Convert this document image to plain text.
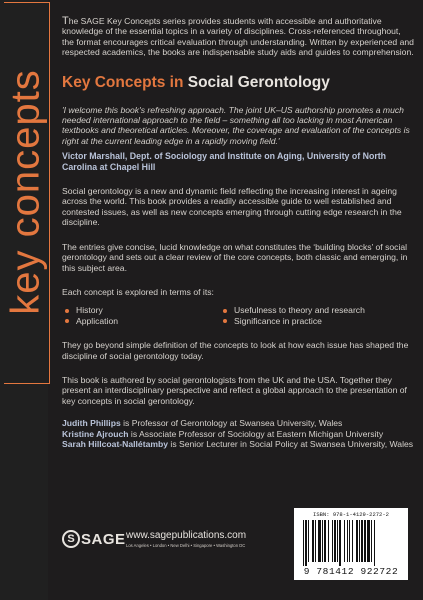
key concepts

The SAGE Key Concepts series provides students with accessible and authoritative knowledge of the essential topics in a variety of disciplines. Cross-referenced throughout, the format encourages critical evaluation through understanding. Written by experienced and respected academics, the books are indispensable study aids and guides to comprehension.

Key Concepts in Social Gerontology

'I welcome this book's refreshing approach. The joint UK–US authorship promotes a much needed international approach to the field – something all too lacking in most American textbooks and theoretical articles. Moreover, the coverage and evaluation of the concepts is right at the current leading edge in a rapidly moving field.'

Victor Marshall, Dept. of Sociology and Institute on Aging, University of North Carolina at Chapel Hill

Social gerontology is a new and dynamic field reflecting the increasing interest in ageing across the world. This book provides a readily accessible guide to well established and contested issues, as well as new concepts emerging through cutting edge research in the discipline.

The entries give concise, lucid knowledge on what constitutes the ‘building blocks’ of social gerontology and sets out a clear review of the core concepts, both classic and emerging, in this subject area.

Each concept is explored in terms of its:

History	Usefulness to theory and research
Application	Significance in practice

They go beyond simple definition of the concepts to look at how each issue has shaped the discipline of social gerontology today.

This book is authored by social gerontologists from the UK and the USA. Together they present an interdisciplinary perspective and reflect a global approach to the presentation of key concepts in social gerontology.

Judith Phillips is Professor of Gerontology at Swansea University, Wales
Kristine Ajrouch is Associate Professor of Sociology at Eastern Michigan University
Sarah Hillcoat-Nallétamby is Senior Lecturer in Social Policy at Swansea University, Wales

S SAGE www.sagepublications.com
Los Angeles • London • New Delhi • Singapore • Washington DC
ISBN: 978-1-4129-2272-2
9 781412 922722
